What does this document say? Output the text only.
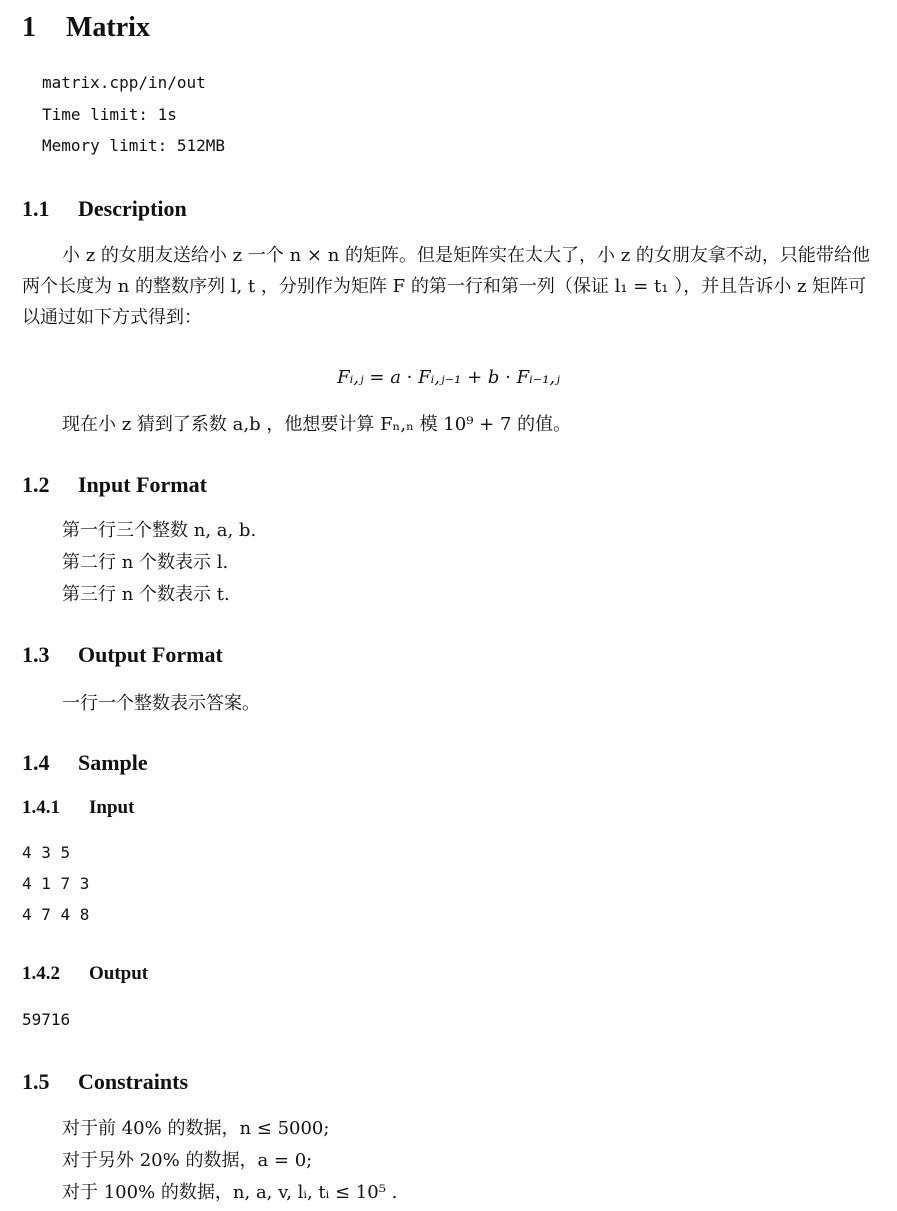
1 Matrix
matrix.cpp/in/out
Time limit: 1s
Memory limit: 512MB
1.1 Description
小 z 的女朋友送给小 z 一个 n × n 的矩阵。但是矩阵实在太大了，小 z 的女朋友拿不动，只能带给他两个长度为 n 的整数序列 l, t ，分别作为矩阵 F 的第一行和第一列（保证 l₁ = t₁ ），并且告诉小 z 矩阵可以通过如下方式得到：
Fᵢ,ⱼ = a · Fᵢ,ⱼ₋₁ + b · Fᵢ₋₁,ⱼ
现在小 z 猜到了系数 a,b ，他想要计算 Fₙ,ₙ 模 10⁹ + 7 的值。
1.2 Input Format
第一行三个整数 n, a, b.
第二行 n 个数表示 l.
第三行 n 个数表示 t.
1.3 Output Format
一行一个整数表示答案。
1.4 Sample
1.4.1 Input
4 3 5
4 1 7 3
4 7 4 8
1.4.2 Output
59716
1.5 Constraints
对于前 40% 的数据，n ≤ 5000;
对于另外 20% 的数据，a = 0;
对于 100% 的数据，n, a, v, lᵢ, tᵢ ≤ 10⁵ .
